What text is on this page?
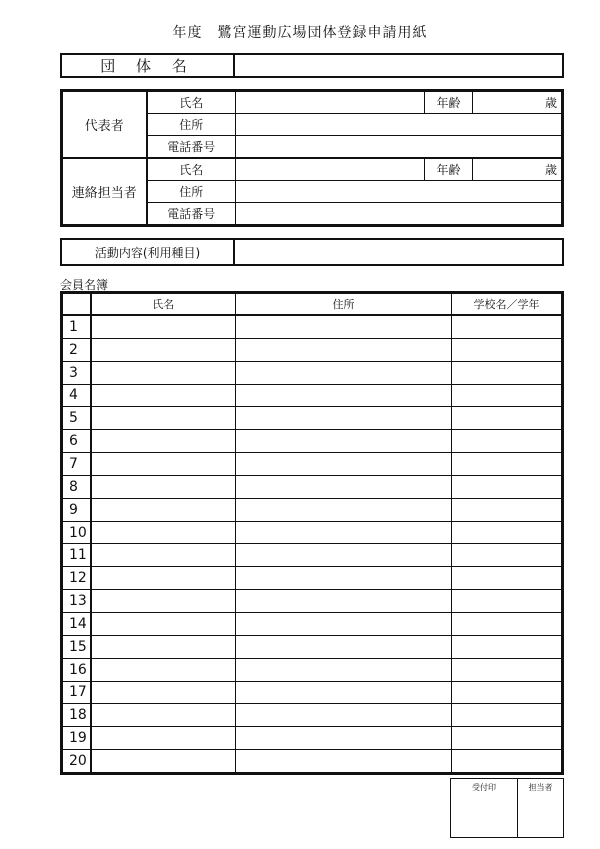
年度　鷺宮運動広場団体登録申請用紙
団 体 名	
代表者	氏名		年齢	歳
	住所			
	電話番号			
連絡担当者	氏名		年齢	歳
	住所			
	電話番号			
活動内容(利用種目)	
会員名簿
	氏名	住所	学校名／学年
1			
2			
3			
4			
5			
6			
7			
8			
9			
10			
11			
12			
13			
14			
15			
16			
17			
18			
19			
20			
受付印	担当者
